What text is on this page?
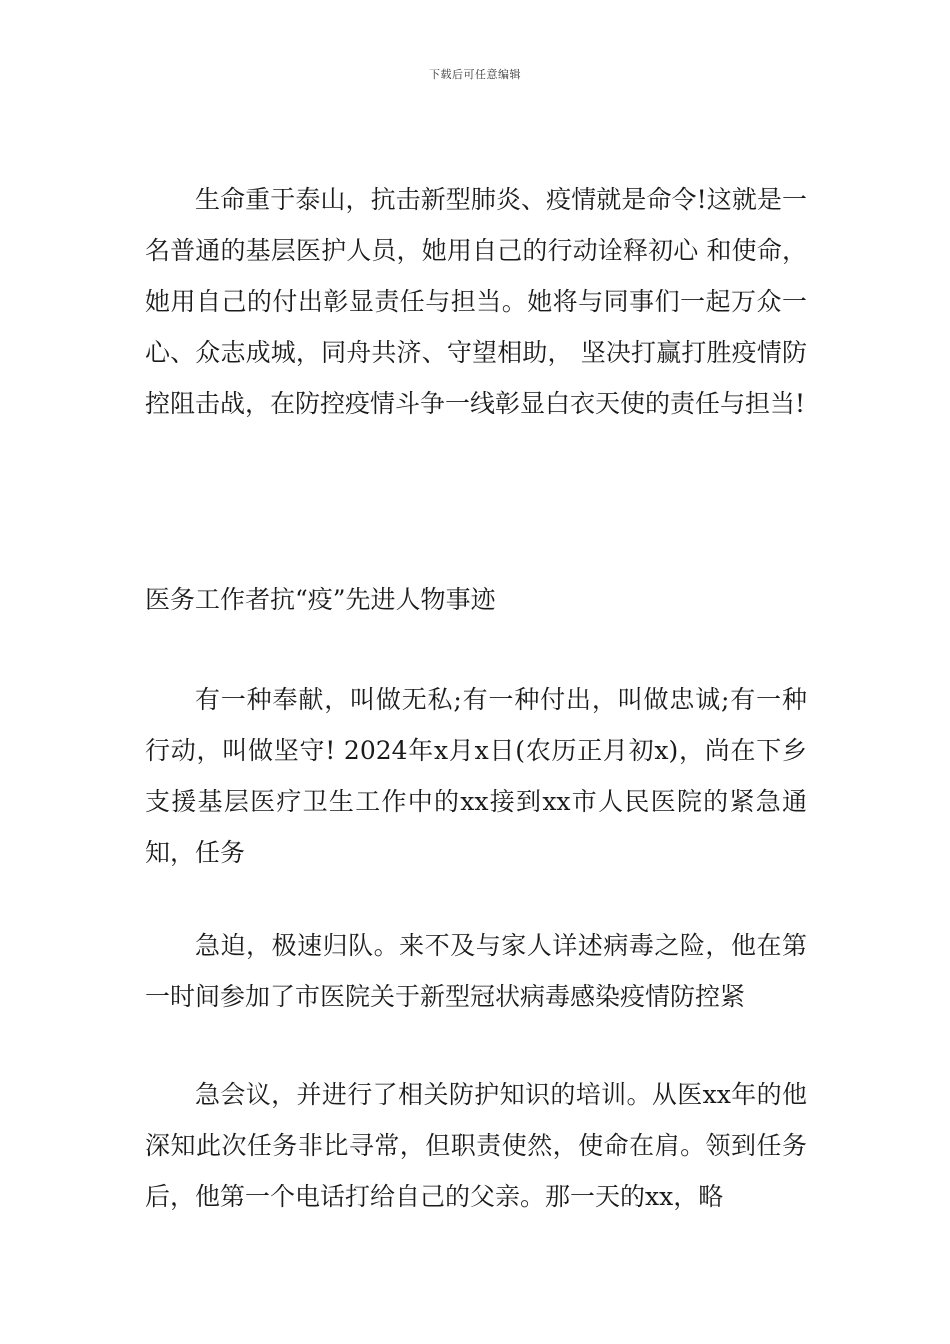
下载后可任意编辑

生命重于泰山，抗击新型肺炎、疫情就是命令!这就是一名普通的基层医护人员，她用自己的行动诠释初心 和使命，她用自己的付出彰显责任与担当。她将与同事们一起万众一心、众志成城，同舟共济、守望相助， 坚决打赢打胜疫情防控阻击战，在防控疫情斗争一线彰显白衣天使的责任与担当!

医务工作者抗“疫”先进人物事迹

有一种奉献，叫做无私;有一种付出，叫做忠诚;有一种行动，叫做坚守! 2024年x月x日(农历正月初x)，尚在下乡支援基层医疗卫生工作中的xx接到xx市人民医院的紧急通知，任务

急迫，极速归队。来不及与家人详述病毒之险，他在第一时间参加了市医院关于新型冠状病毒感染疫情防控紧

急会议，并进行了相关防护知识的培训。从医xx年的他深知此次任务非比寻常，但职责使然，使命在肩。领到任务后，他第一个电话打给自己的父亲。那一天的xx，略
